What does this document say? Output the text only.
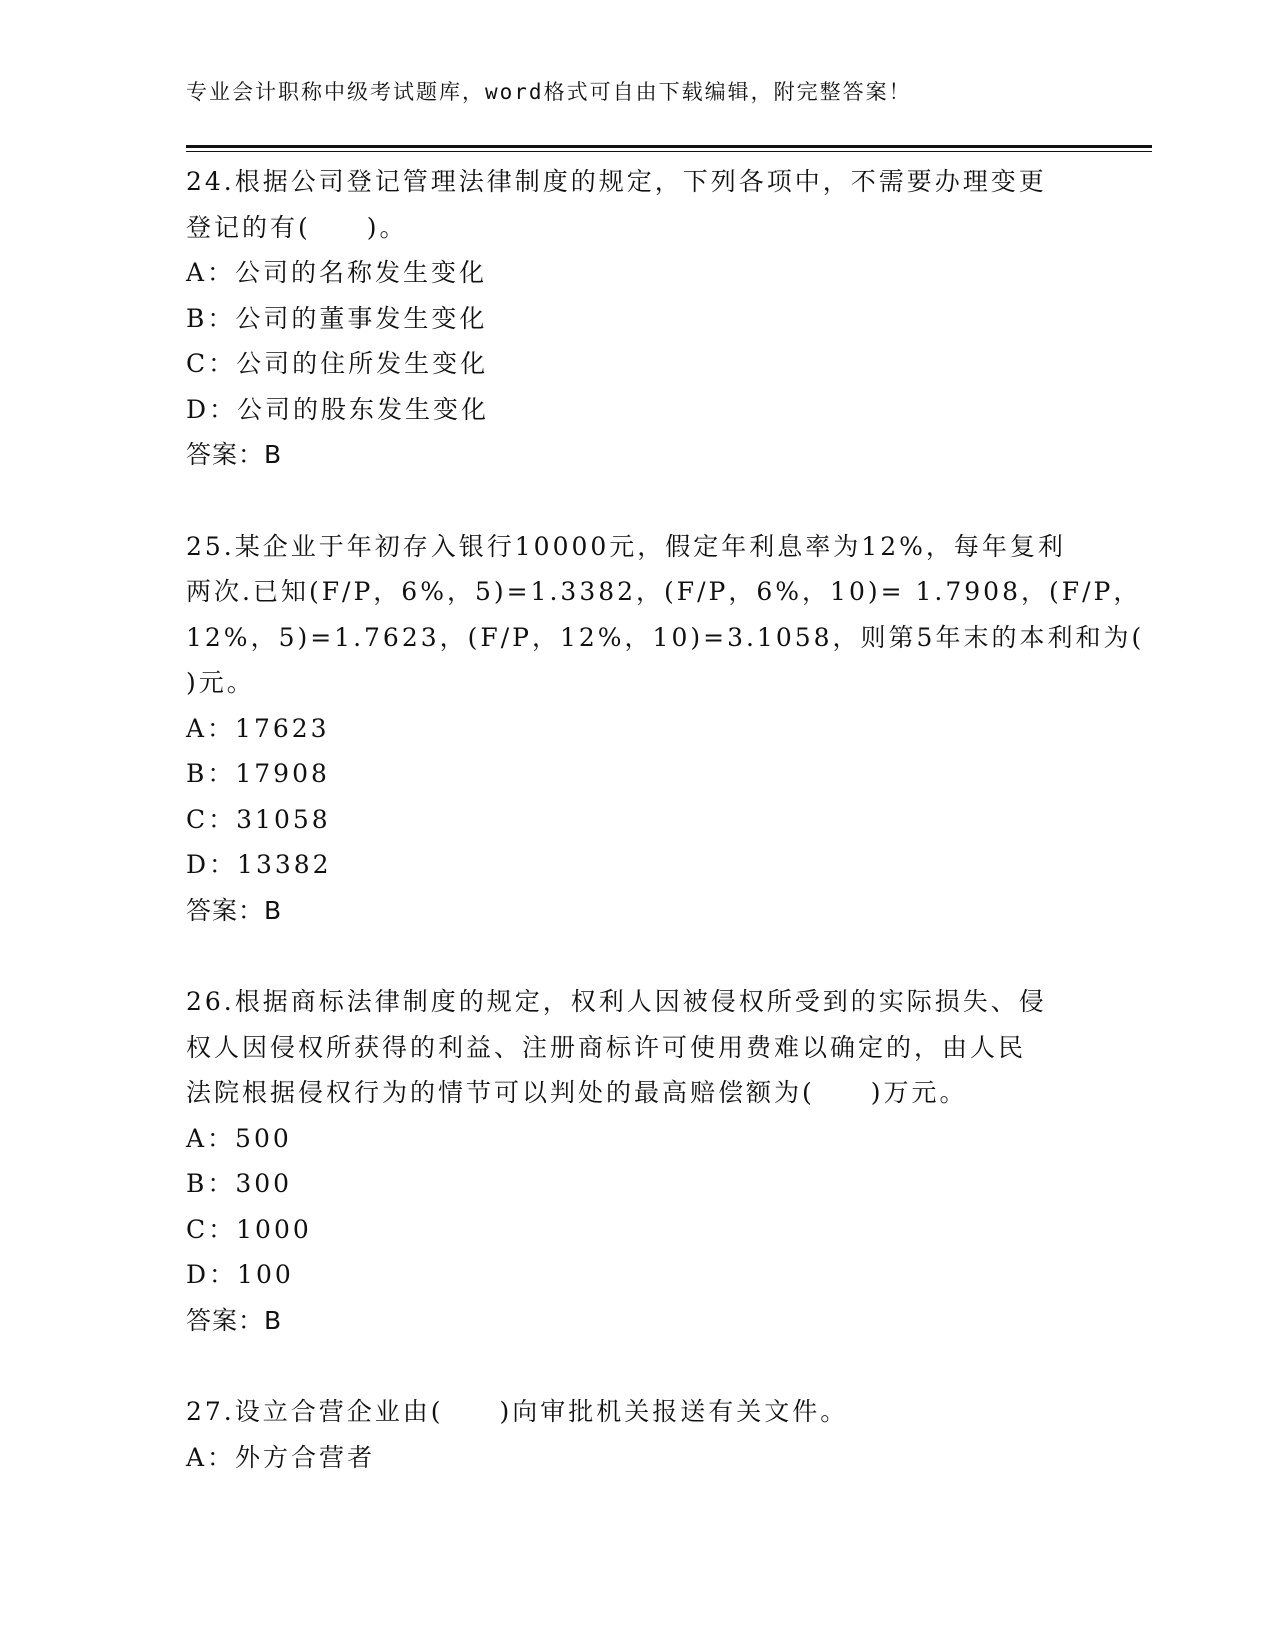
专业会计职称中级考试题库，word格式可自由下载编辑，附完整答案！
24.根据公司登记管理法律制度的规定，下列各项中，不需要办理变更
登记的有(　　)。
A：公司的名称发生变化
B：公司的董事发生变化
C：公司的住所发生变化
D：公司的股东发生变化
答案：B
25.某企业于年初存入银行10000元，假定年利息率为12%，每年复利
两次.已知(F/P，6%，5)=1.3382，(F/P，6%，10)= 1.7908，(F/P，
12%，5)=1.7623，(F/P，12%，10)=3.1058，则第5年末的本利和为(
)元。
A：17623
B：17908
C：31058
D：13382
答案：B
26.根据商标法律制度的规定，权利人因被侵权所受到的实际损失、侵
权人因侵权所获得的利益、注册商标许可使用费难以确定的，由人民
法院根据侵权行为的情节可以判处的最高赔偿额为(　　)万元。
A：500
B：300
C：1000
D：100
答案：B
27.设立合营企业由(　　)向审批机关报送有关文件。
A：外方合营者
